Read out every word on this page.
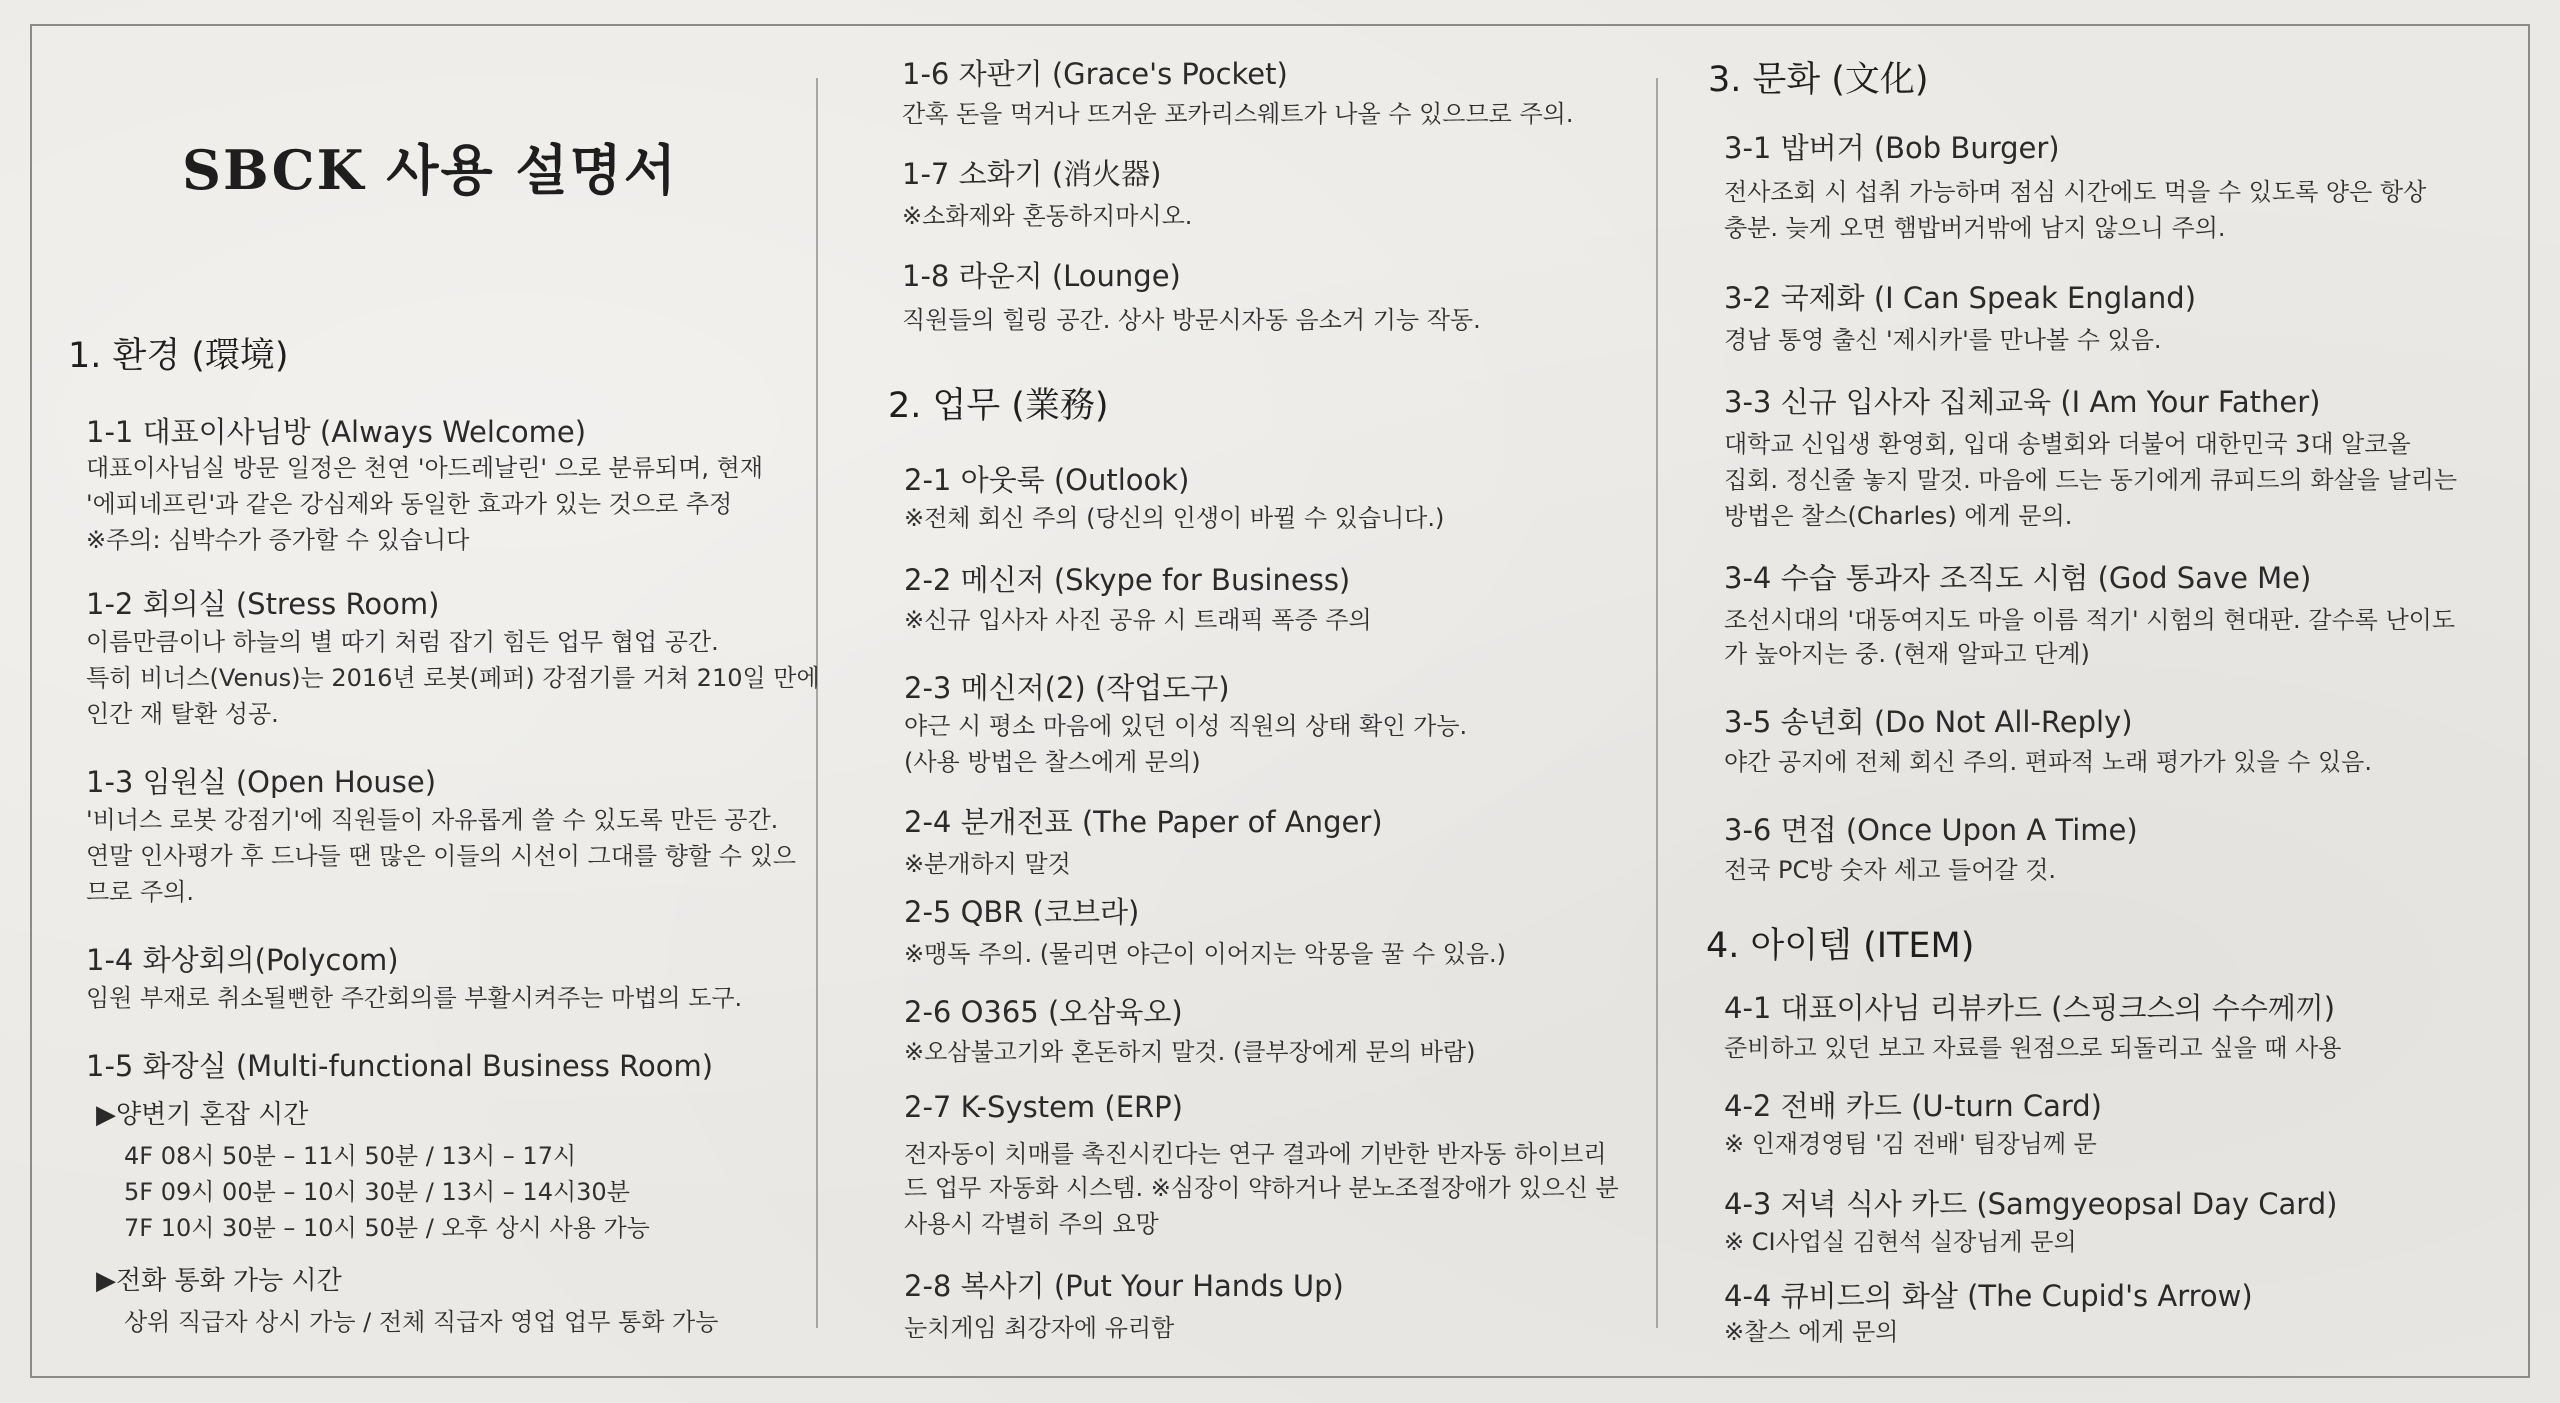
SBCK 사용 설명서
1. 환경 (環境)
1-1 대표이사님방 (Always Welcome)
대표이사님실 방문 일정은 천연 '아드레날린' 으로 분류되며, 현재
'에피네프린'과 같은 강심제와 동일한 효과가 있는 것으로 추정
※주의: 심박수가 증가할 수 있습니다
1-2 회의실 (Stress Room)
이름만큼이나 하늘의 별 따기 처럼 잡기 힘든 업무 협업 공간.
특히 비너스(Venus)는 2016년 로봇(페퍼) 강점기를 거쳐 210일 만에
인간 재 탈환 성공.
1-3 임원실 (Open House)
'비너스 로봇 강점기'에 직원들이 자유롭게 쓸 수 있도록 만든 공간.
연말 인사평가 후 드나들 땐 많은 이들의 시선이 그대를 향할 수 있으
므로 주의.
1-4 화상회의(Polycom)
임원 부재로 취소될뻔한 주간회의를 부활시켜주는 마법의 도구.
1-5 화장실 (Multi-functional Business Room)
▶양변기 혼잡 시간
4F 08시 50분 – 11시 50분 / 13시 – 17시
5F 09시 00분 – 10시 30분 / 13시 – 14시30분
7F 10시 30분 – 10시 50분 / 오후 상시 사용 가능
▶전화 통화 가능 시간
상위 직급자 상시 가능 / 전체 직급자 영업 업무 통화 가능
1-6 자판기 (Grace's Pocket)
간혹 돈을 먹거나 뜨거운 포카리스웨트가 나올 수 있으므로 주의.
1-7 소화기 (消火器)
※소화제와 혼동하지마시오.
1-8 라운지 (Lounge)
직원들의 힐링 공간. 상사 방문시자동 음소거 기능 작동.
2. 업무 (業務)
2-1 아웃룩 (Outlook)
※전체 회신 주의 (당신의 인생이 바뀔 수 있습니다.)
2-2 메신저 (Skype for Business)
※신규 입사자 사진 공유 시 트래픽 폭증 주의
2-3 메신저(2) (작업도구)
야근 시 평소 마음에 있던 이성 직원의 상태 확인 가능.
(사용 방법은 찰스에게 문의)
2-4 분개전표 (The Paper of Anger)
※분개하지 말것
2-5 QBR (코브라)
※맹독 주의. (물리면 야근이 이어지는 악몽을 꿀 수 있음.)
2-6 O365 (오삼육오)
※오삼불고기와 혼돈하지 말것. (클부장에게 문의 바람)
2-7 K-System (ERP)
전자동이 치매를 촉진시킨다는 연구 결과에 기반한 반자동 하이브리
드 업무 자동화 시스템. ※심장이 약하거나 분노조절장애가 있으신 분
사용시 각별히 주의 요망
2-8 복사기 (Put Your Hands Up)
눈치게임 최강자에 유리함
3. 문화 (文化)
3-1 밥버거 (Bob Burger)
전사조회 시 섭취 가능하며 점심 시간에도 먹을 수 있도록 양은 항상
충분. 늦게 오면 햄밥버거밖에 남지 않으니 주의.
3-2 국제화 (I Can Speak England)
경남 통영 출신 '제시카'를 만나볼 수 있음.
3-3 신규 입사자 집체교육 (I Am Your Father)
대학교 신입생 환영회, 입대 송별회와 더불어 대한민국 3대 알코올
집회. 정신줄 놓지 말것. 마음에 드는 동기에게 큐피드의 화살을 날리는
방법은 찰스(Charles) 에게 문의.
3-4 수습 통과자 조직도 시험 (God Save Me)
조선시대의 '대동여지도 마을 이름 적기' 시험의 현대판. 갈수록 난이도
가 높아지는 중. (현재 알파고 단계)
3-5 송년회 (Do Not All-Reply)
야간 공지에 전체 회신 주의. 편파적 노래 평가가 있을 수 있음.
3-6 면접 (Once Upon A Time)
전국 PC방 숫자 세고 들어갈 것.
4. 아이템 (ITEM)
4-1 대표이사님 리뷰카드 (스핑크스의 수수께끼)
준비하고 있던 보고 자료를 원점으로 되돌리고 싶을 때 사용
4-2 전배 카드 (U-turn Card)
※ 인재경영팀 '김 전배' 팀장님께 문
4-3 저녁 식사 카드 (Samgyeopsal Day Card)
※ CI사업실 김현석 실장님게 문의
4-4 큐비드의 화살 (The Cupid's Arrow)
※찰스 에게 문의
